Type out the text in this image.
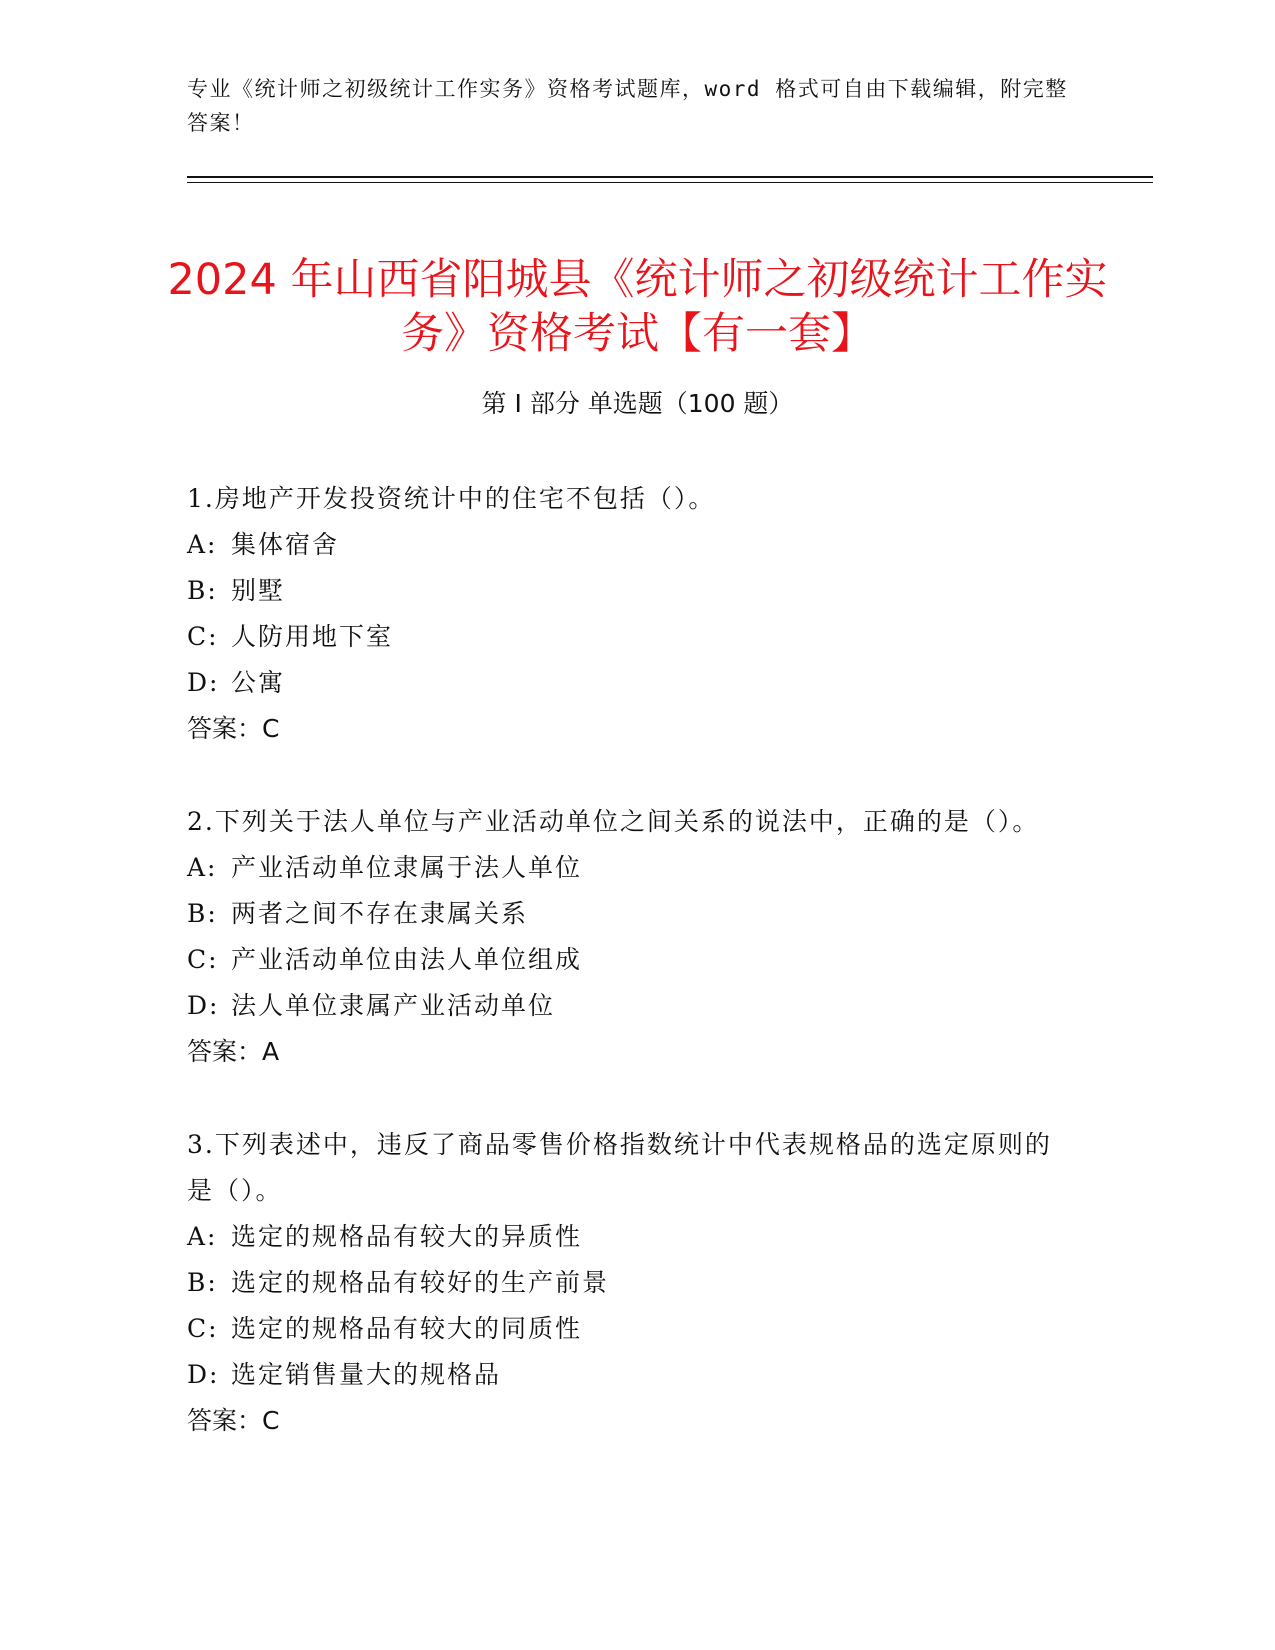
专业《统计师之初级统计工作实务》资格考试题库，word 格式可自由下载编辑，附完整答案！
2024 年山西省阳城县《统计师之初级统计工作实务》资格考试【有一套】
第 I 部分 单选题（100 题）

1.房地产开发投资统计中的住宅不包括（）。

A: 集体宿舍
B: 别墅
C: 人防用地下室
D: 公寓
答案：C

2.下列关于法人单位与产业活动单位之间关系的说法中，正确的是（）。

A: 产业活动单位隶属于法人单位
B: 两者之间不存在隶属关系
C: 产业活动单位由法人单位组成
D: 法人单位隶属产业活动单位
答案：A

3.下列表述中，违反了商品零售价格指数统计中代表规格品的选定原则的是（）。

A: 选定的规格品有较大的异质性
B: 选定的规格品有较好的生产前景
C: 选定的规格品有较大的同质性
D: 选定销售量大的规格品
答案：C
